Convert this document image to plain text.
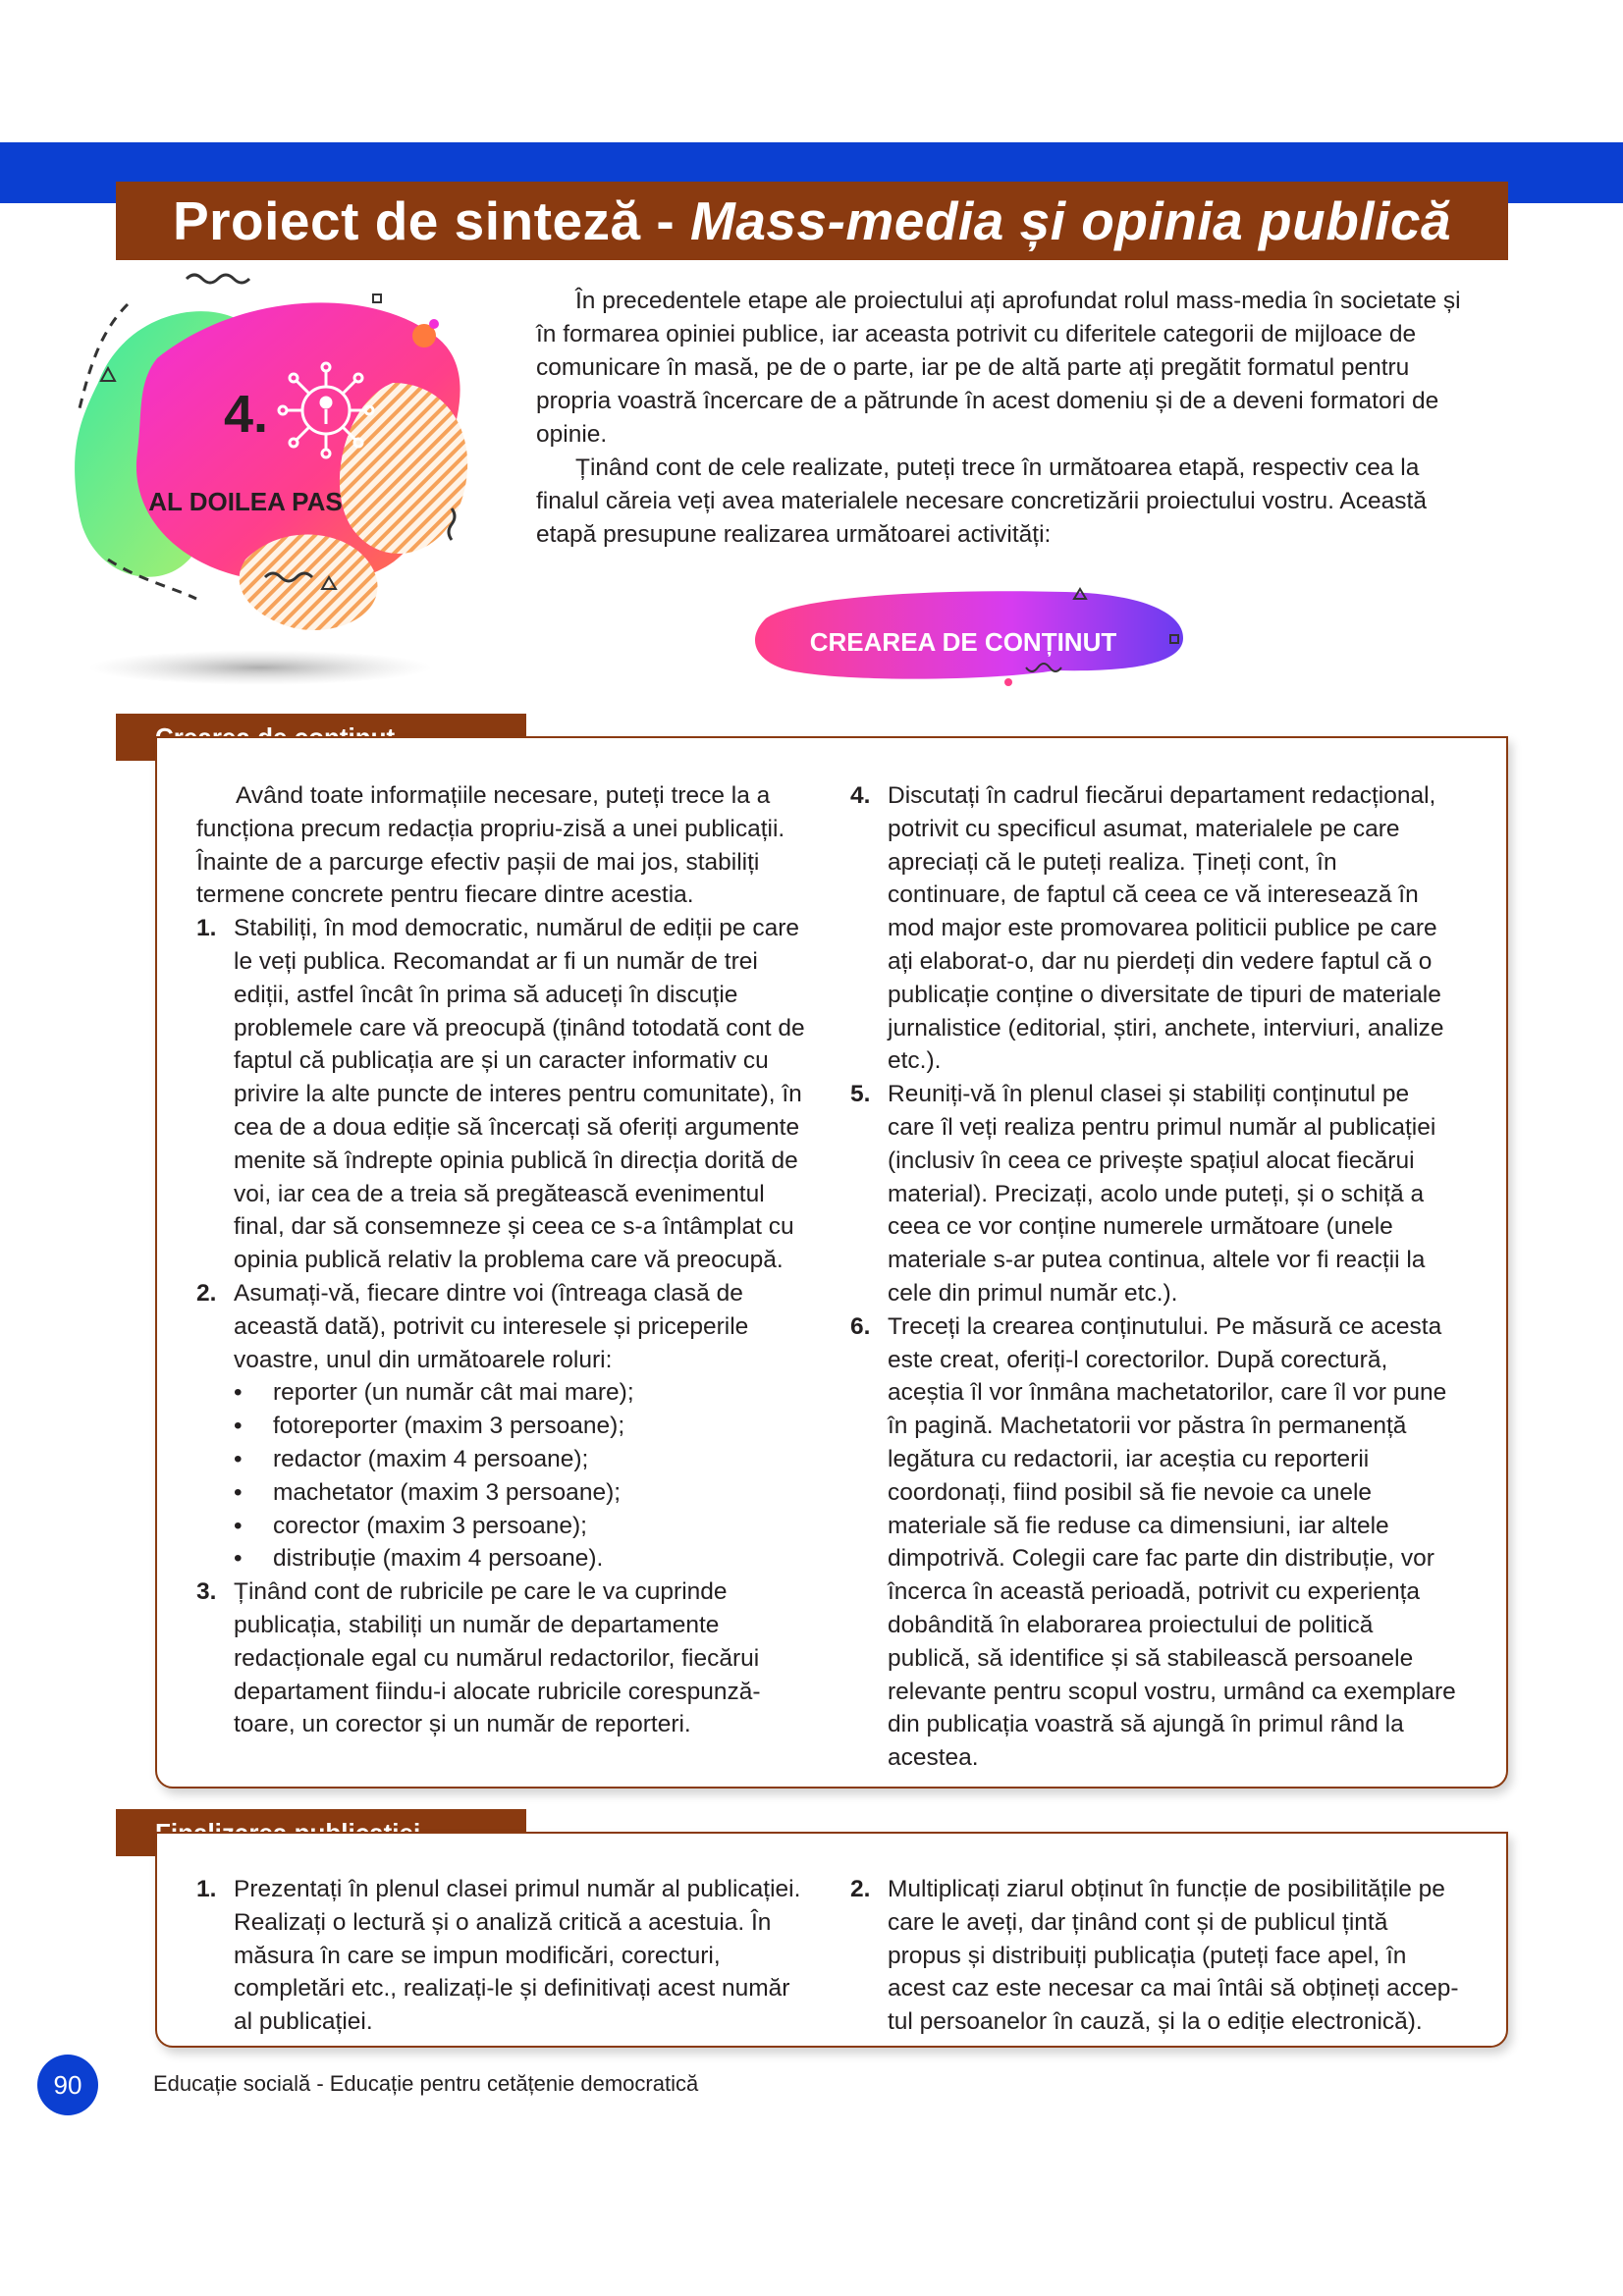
Proiect de sinteză - Mass-media și opinia publică
4.
AL DOILEA PAS

În precedentele etape ale proiectului ați aprofundat rolul mass-media în societate și în formarea opiniei publice, iar aceasta potrivit cu diferitele categorii de mijloace de comunicare în masă, pe de o parte, iar pe de altă parte ați pregătit formatul pentru propria voastră încercare de a pătrunde în acest domeniu și de a deveni formatori de opinie.

Ținând cont de cele realizate, puteți trece în următoarea etapă, respectiv cea la finalul căreia veți avea materialele necesare concretizării proiectului vostru. Această etapă presupune realizarea următoarei activități:

CREAREA DE CONȚINUT

Având toate informațiile necesare, puteți trece la a funcționa precum redacția propriu-zisă a unei publicații. Înainte de a parcurge efectiv pașii de mai jos, stabiliți termene concrete pentru fiecare dintre acestia.

1. Stabiliți, în mod democratic, numărul de ediții pe care le veți publica. Recomandat ar fi un număr de trei ediții, astfel încât în prima să aduceți în discuție problemele care vă preocupă (ținând totodată cont de faptul că publicația are și un caracter informativ cu privire la alte puncte de interes pentru comunitate), în cea de a doua ediție să încercați să oferiți argumente menite să îndrepte opinia publică în direcția dorită de voi, iar cea de a treia să pregătească evenimentul final, dar să consemneze și ceea ce s-a întâmplat cu opinia publică relativ la problema care vă preocupă.
2. Asumați-vă, fiecare dintre voi (întreaga clasă de această dată), potrivit cu interesele și priceperile voastre, unul din următoarele roluri:
•	reporter (un număr cât mai mare);
•	fotoreporter (maxim 3 persoane);
•	redactor (maxim 4 persoane);
•	machetator (maxim 3 persoane);
•	corector (maxim 3 persoane);
•	distribuție (maxim 4 persoane).
3. Ținând cont de rubricile pe care le va cuprinde publicația, stabiliți un număr de departamente redacționale egal cu numărul redactorilor, fiecărui departament fiindu-i alocate rubricile corespunzătoare, un corector și un număr de reporteri.
4. Discutați în cadrul fiecărui departament redacțional, potrivit cu specificul asumat, materialele pe care apreciați că le puteți realiza. Țineți cont, în continuare, de faptul că ceea ce vă interesează în mod major este promovarea politicii publice pe care ați elaborat-o, dar nu pierdeți din vedere faptul că o publicație conține o diversitate de tipuri de materiale jurnalistice (editorial, știri, anchete, interviuri, analize etc.).
5. Reuniți-vă în plenul clasei și stabiliți conținutul pe care îl veți realiza pentru primul număr al publicației (inclusiv în ceea ce privește spațiul alocat fiecărui material). Precizați, acolo unde puteți, și o schiță a ceea ce vor conține numerele următoare (unele materiale s-ar putea continua, altele vor fi reacții la cele din primul număr etc.).
6. Treceți la crearea conținutului. Pe măsură ce acesta este creat, oferiți-l corectorilor. După corectură, aceștia îl vor înmâna machetatorilor, care îl vor pune în pagină. Machetatorii vor păstra în permanență legătura cu redactorii, iar aceștia cu reporterii coordonați, fiind posibil să fie nevoie ca unele materiale să fie reduse ca dimensiuni, iar altele dimpotrivă. Colegii care fac parte din distribuție, vor încerca în această perioadă, potrivit cu experiența dobândită în elaborarea proiectului de politică publică, să identifice și să stabilească persoanele relevante pentru scopul vostru, urmând ca exemplare din publicația voastră să ajungă în primul rând la acestea.
1. Prezentați în plenul clasei primul număr al publicației. Realizați o lectură și o analiză critică a acestuia. În măsura în care se impun modificări, corecturi, completări etc., realizați-le și definitivați acest număr al publicației.
2. Multiplicați ziarul obținut în funcție de posibilitățile pe care le aveți, dar ținând cont și de publicul țintă propus și distribuiți publicația (puteți face apel, în acest caz este necesar ca mai întâi să obțineți acceptul persoanelor în cauză, și la o ediție electronică).
90	Educație socială - Educație pentru cetățenie democratică
